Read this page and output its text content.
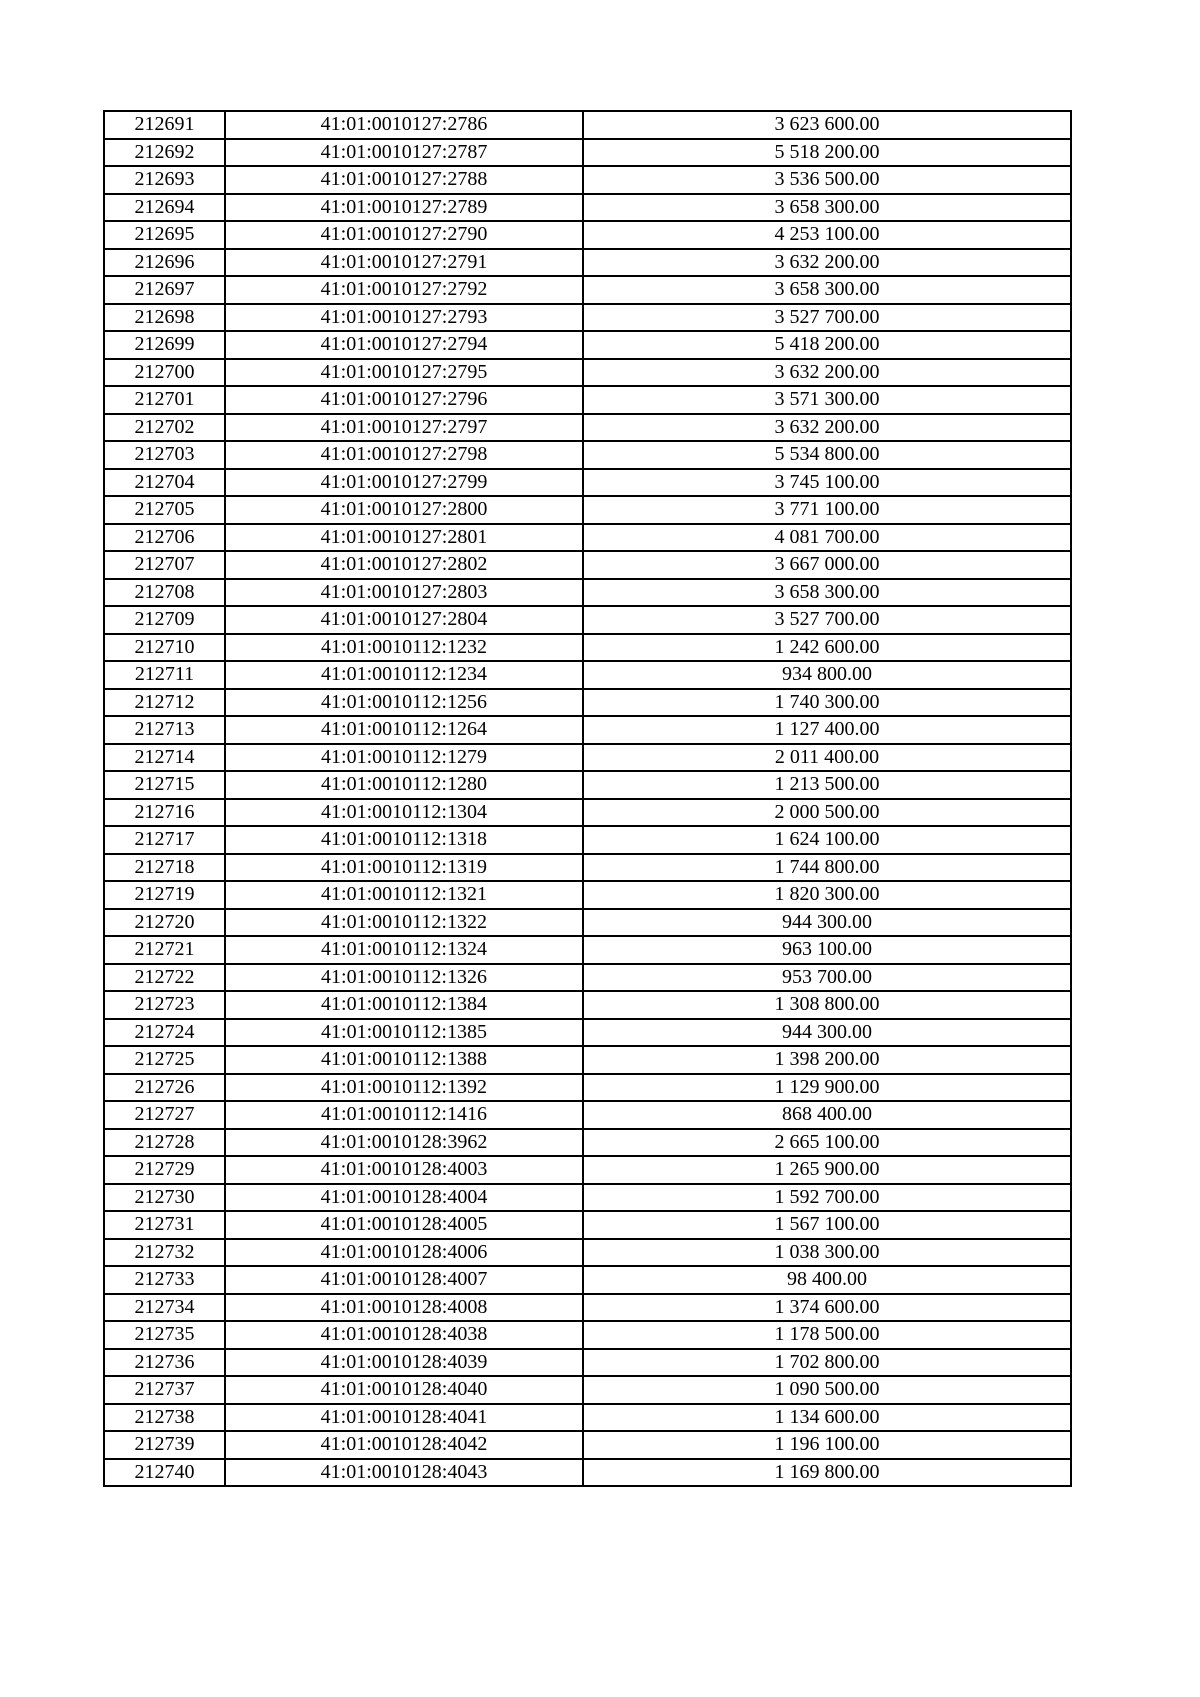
212691	41:01:0010127:2786	3 623 600.00
212692	41:01:0010127:2787	5 518 200.00
212693	41:01:0010127:2788	3 536 500.00
212694	41:01:0010127:2789	3 658 300.00
212695	41:01:0010127:2790	4 253 100.00
212696	41:01:0010127:2791	3 632 200.00
212697	41:01:0010127:2792	3 658 300.00
212698	41:01:0010127:2793	3 527 700.00
212699	41:01:0010127:2794	5 418 200.00
212700	41:01:0010127:2795	3 632 200.00
212701	41:01:0010127:2796	3 571 300.00
212702	41:01:0010127:2797	3 632 200.00
212703	41:01:0010127:2798	5 534 800.00
212704	41:01:0010127:2799	3 745 100.00
212705	41:01:0010127:2800	3 771 100.00
212706	41:01:0010127:2801	4 081 700.00
212707	41:01:0010127:2802	3 667 000.00
212708	41:01:0010127:2803	3 658 300.00
212709	41:01:0010127:2804	3 527 700.00
212710	41:01:0010112:1232	1 242 600.00
212711	41:01:0010112:1234	934 800.00
212712	41:01:0010112:1256	1 740 300.00
212713	41:01:0010112:1264	1 127 400.00
212714	41:01:0010112:1279	2 011 400.00
212715	41:01:0010112:1280	1 213 500.00
212716	41:01:0010112:1304	2 000 500.00
212717	41:01:0010112:1318	1 624 100.00
212718	41:01:0010112:1319	1 744 800.00
212719	41:01:0010112:1321	1 820 300.00
212720	41:01:0010112:1322	944 300.00
212721	41:01:0010112:1324	963 100.00
212722	41:01:0010112:1326	953 700.00
212723	41:01:0010112:1384	1 308 800.00
212724	41:01:0010112:1385	944 300.00
212725	41:01:0010112:1388	1 398 200.00
212726	41:01:0010112:1392	1 129 900.00
212727	41:01:0010112:1416	868 400.00
212728	41:01:0010128:3962	2 665 100.00
212729	41:01:0010128:4003	1 265 900.00
212730	41:01:0010128:4004	1 592 700.00
212731	41:01:0010128:4005	1 567 100.00
212732	41:01:0010128:4006	1 038 300.00
212733	41:01:0010128:4007	98 400.00
212734	41:01:0010128:4008	1 374 600.00
212735	41:01:0010128:4038	1 178 500.00
212736	41:01:0010128:4039	1 702 800.00
212737	41:01:0010128:4040	1 090 500.00
212738	41:01:0010128:4041	1 134 600.00
212739	41:01:0010128:4042	1 196 100.00
212740	41:01:0010128:4043	1 169 800.00
